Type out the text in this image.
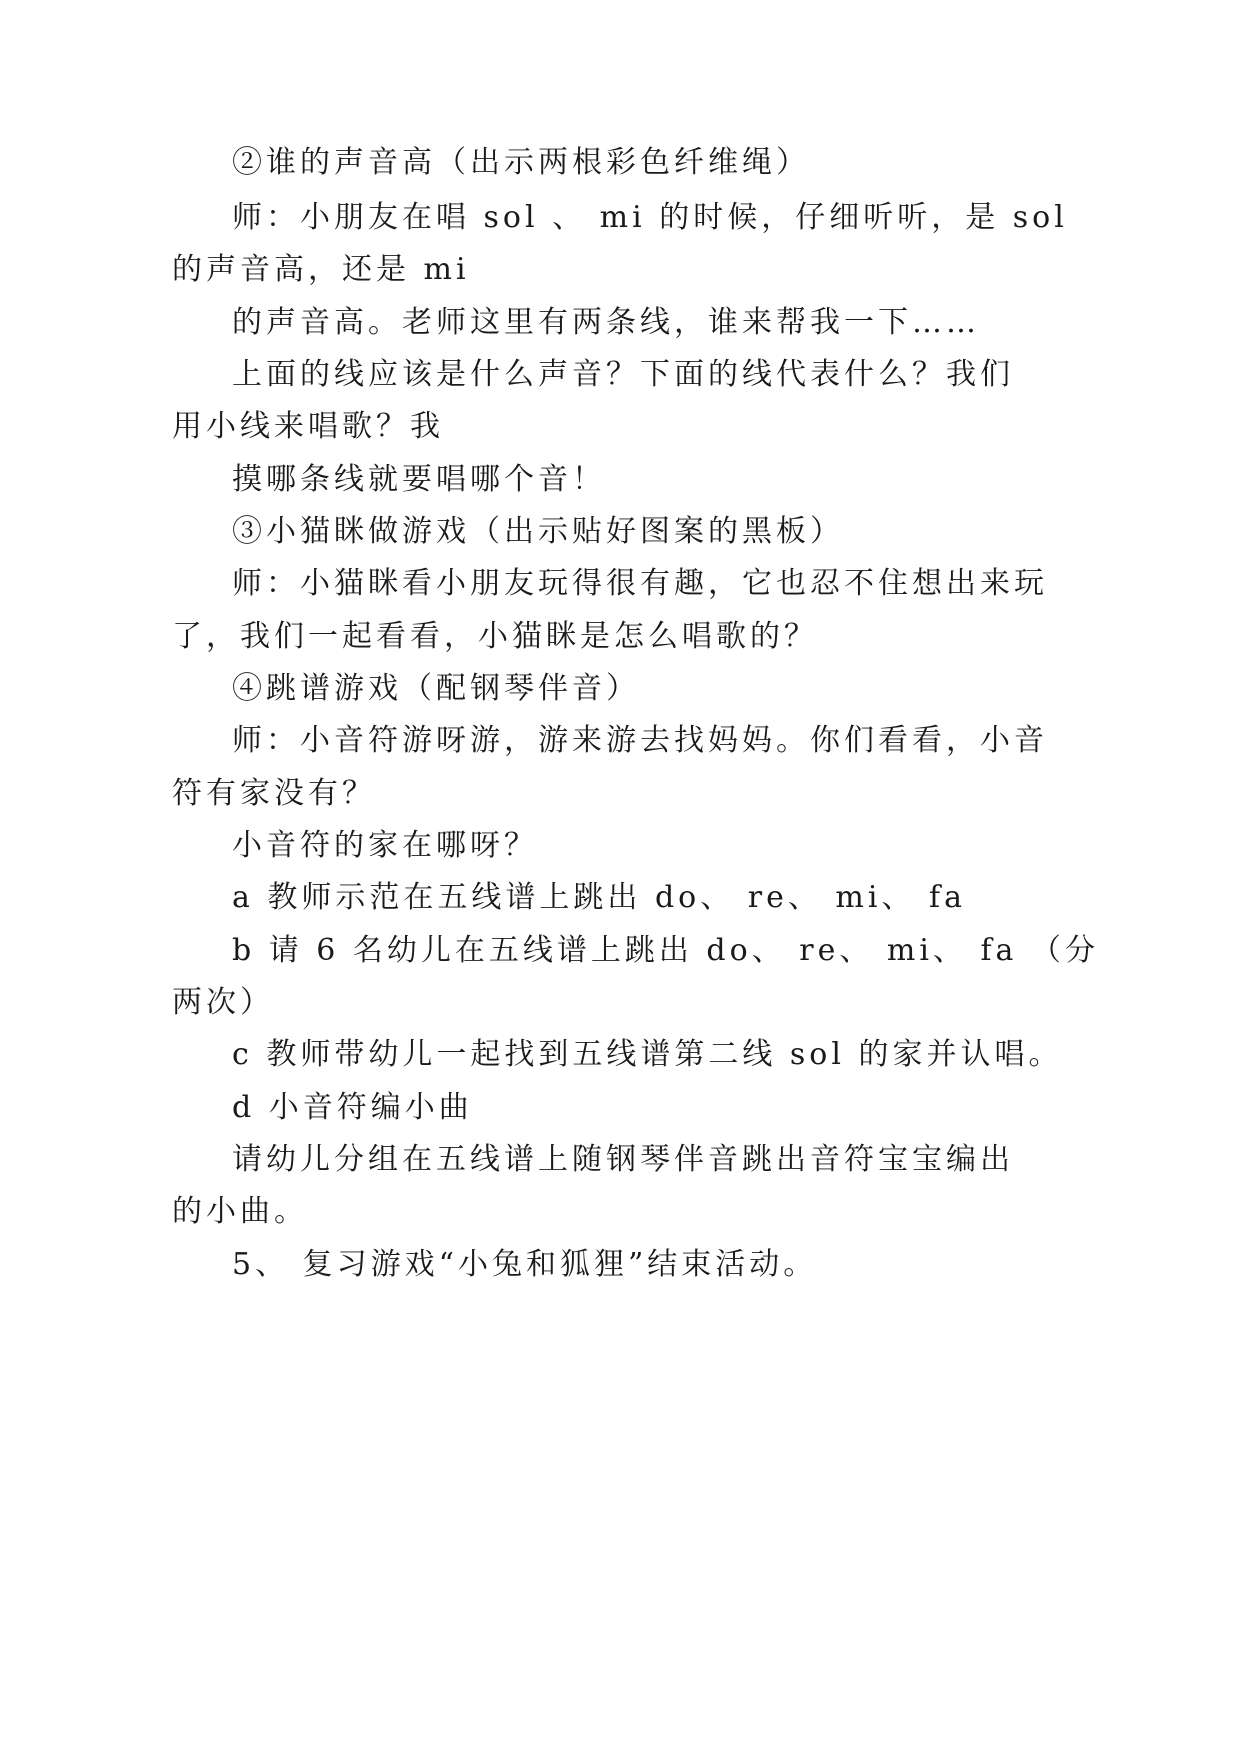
②谁的声音高（出示两根彩色纤维绳）
师：小朋友在唱 sol 、 mi 的时候，仔细听听，是 sol
的声音高，还是 mi
的声音高。老师这里有两条线，谁来帮我一下……
上面的线应该是什么声音？下面的线代表什么？我们
用小线来唱歌？我
摸哪条线就要唱哪个音！
③小猫眯做游戏（出示贴好图案的黑板）
师：小猫眯看小朋友玩得很有趣，它也忍不住想出来玩
了，我们一起看看，小猫眯是怎么唱歌的？
④跳谱游戏（配钢琴伴音）
师：小音符游呀游，游来游去找妈妈。你们看看，小音
符有家没有？
小音符的家在哪呀？
a 教师示范在五线谱上跳出 do、 re、 mi、 fa
b 请 6 名幼儿在五线谱上跳出 do、 re、 mi、 fa （分
两次）
c 教师带幼儿一起找到五线谱第二线 sol 的家并认唱。
d 小音符编小曲
请幼儿分组在五线谱上随钢琴伴音跳出音符宝宝编出
的小曲。
5、 复习游戏“小兔和狐狸”结束活动。
